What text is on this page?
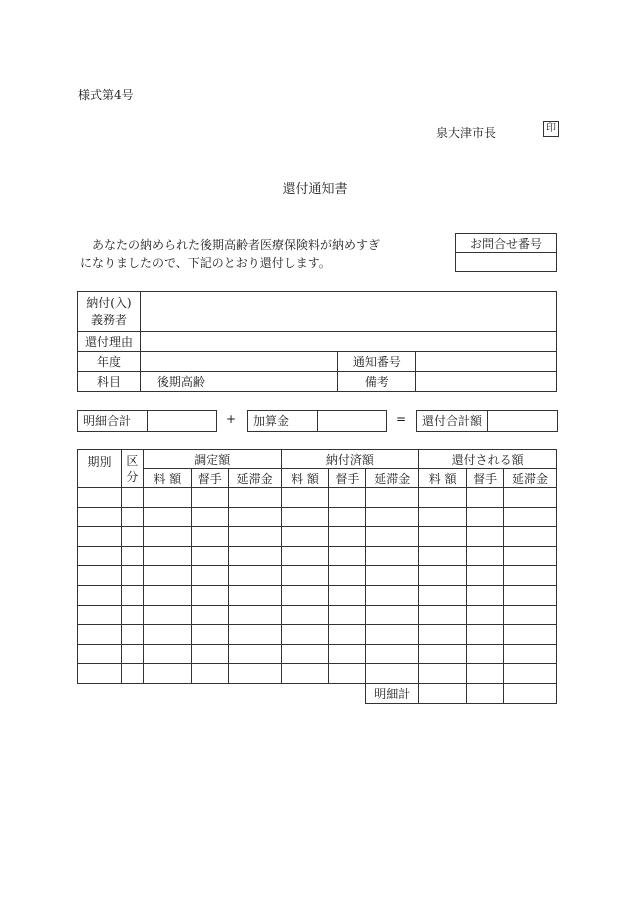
様式第4号
泉大津市長	印
還付通知書
あなたの納められた後期高齢者医療保険料が納めすぎ
になりましたので、下記のとおり還付します。
お問合せ番号

納付(入)
義務者			

還付理由			
年度		通知番号	
科目	後期高齢	備考	
明細合計	+	加算金	=	還付合計額
期別	区分	調定額			納付済額			還付される額		
		料 額	督手	延滞金	料 額	督手	延滞金	料 額	督手	延滞金

							明細計			
